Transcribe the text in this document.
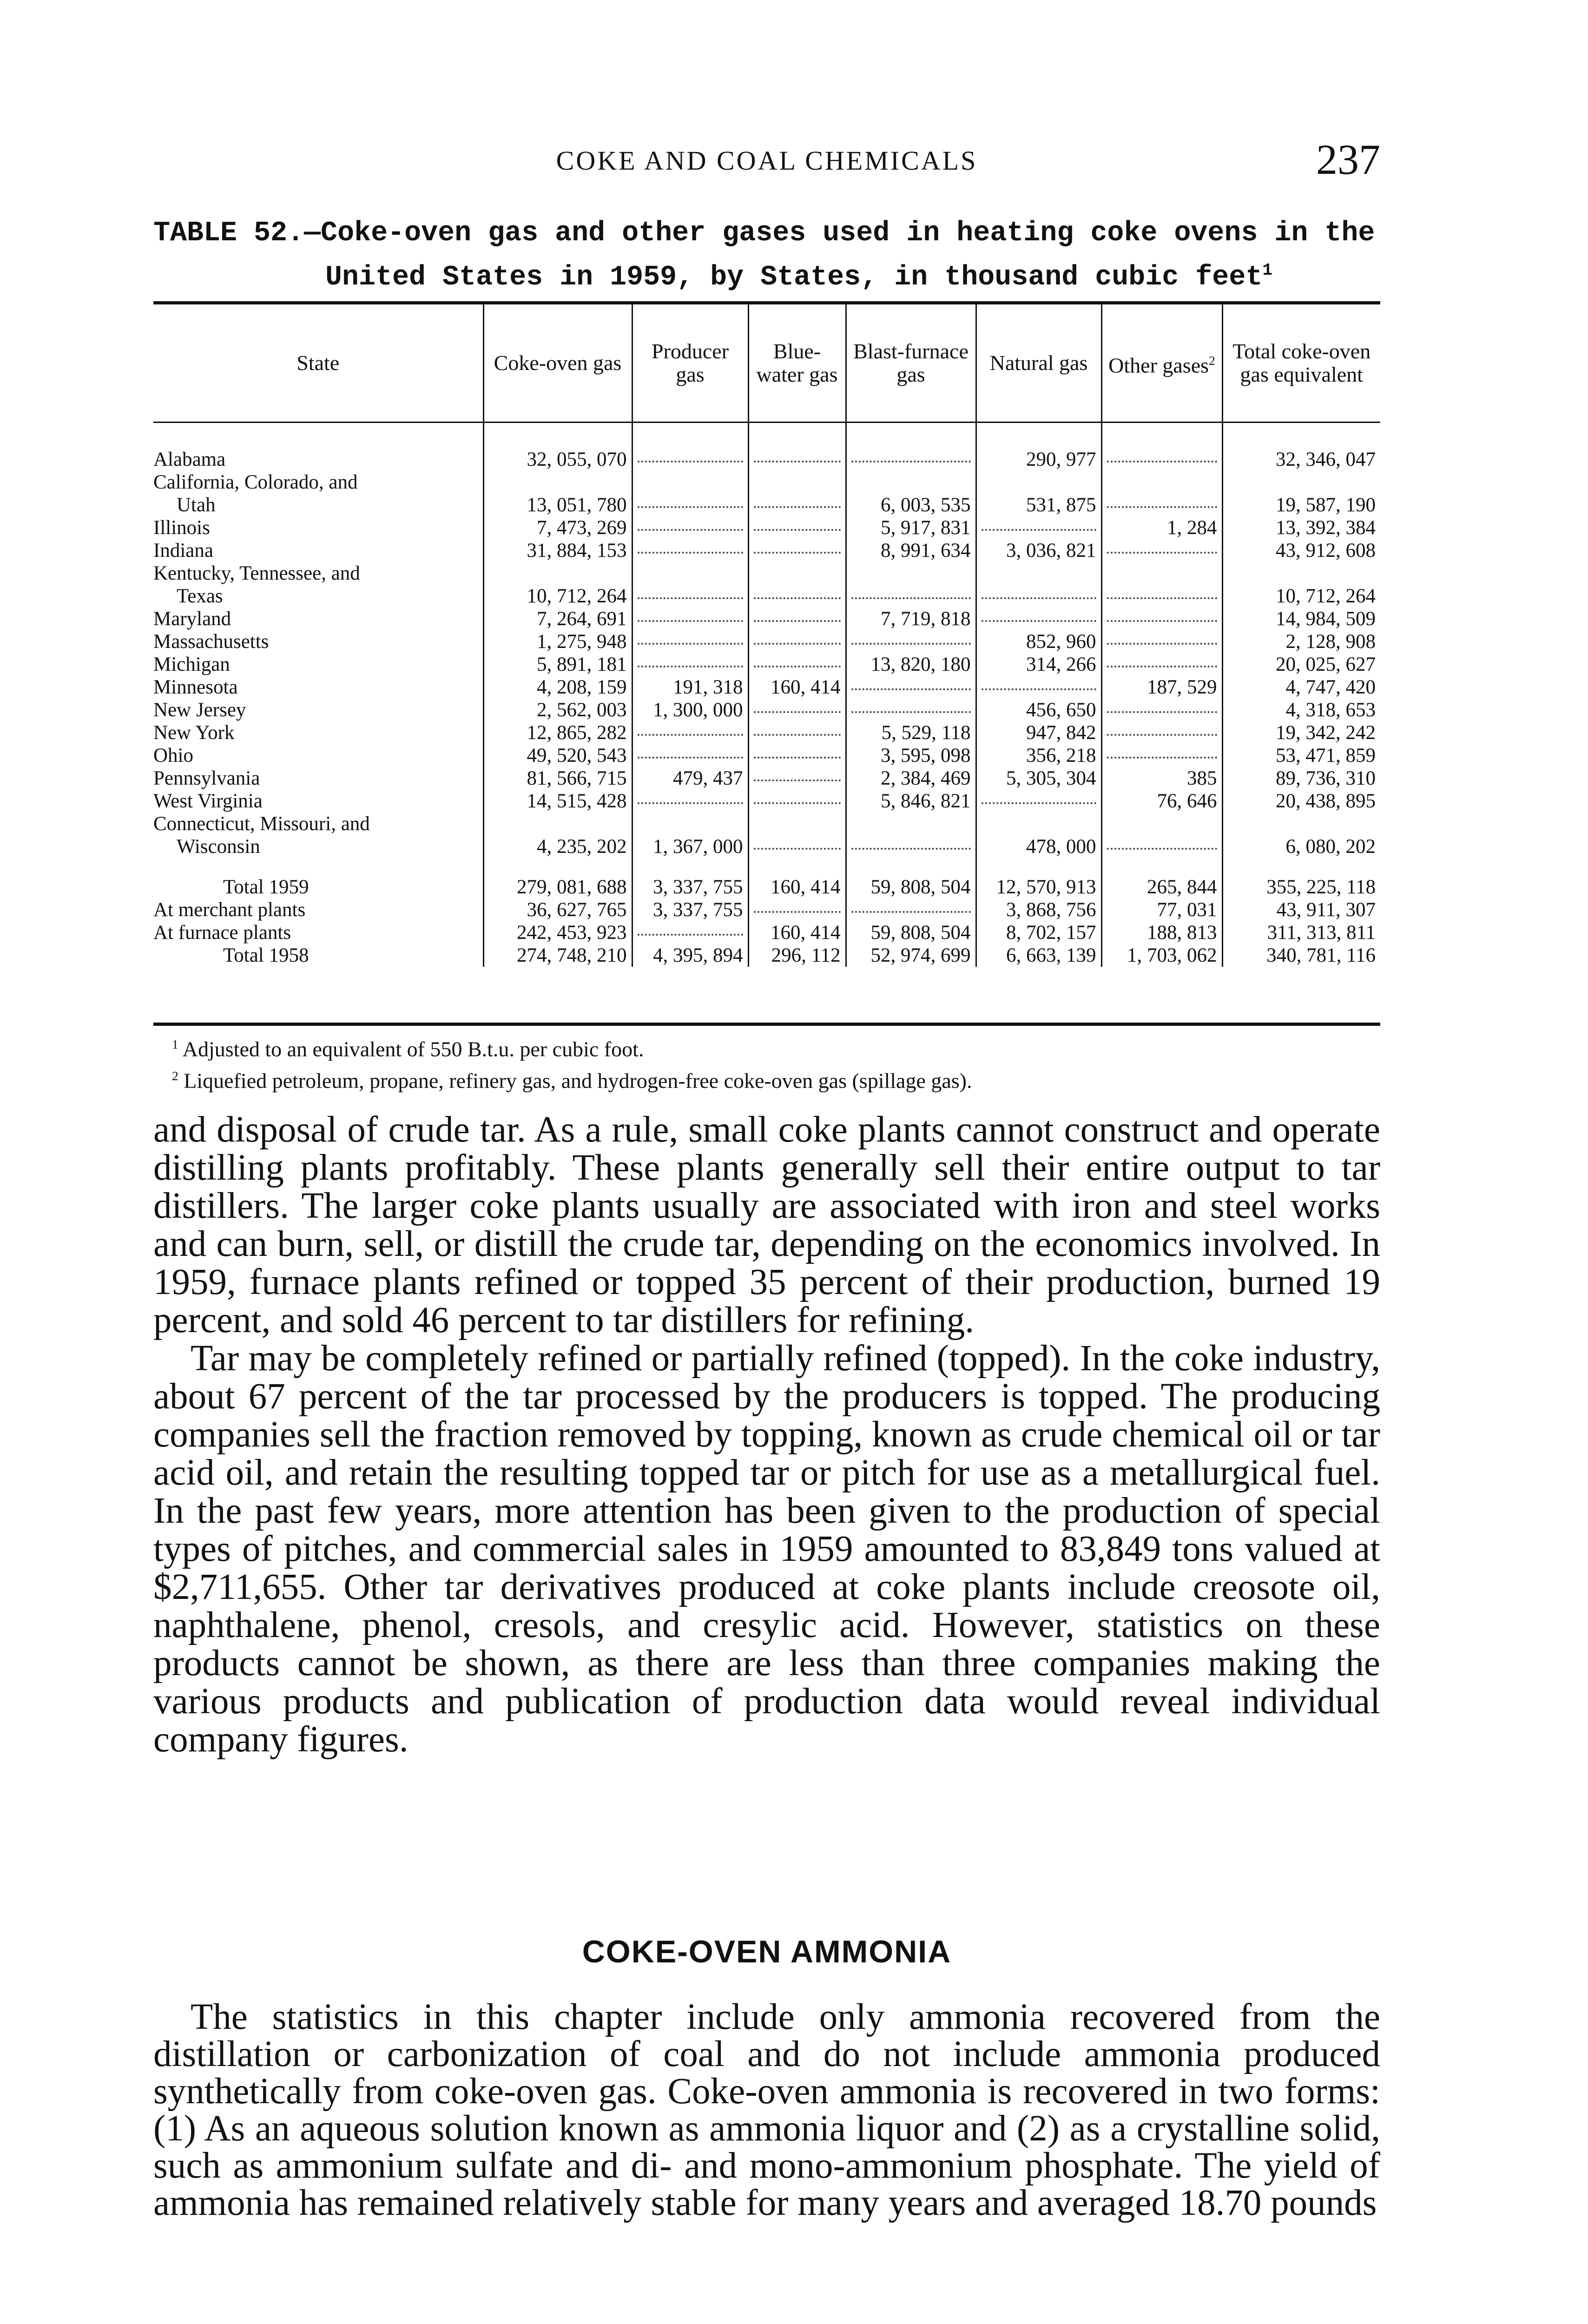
COKE AND COAL CHEMICALS	237
TABLE 52.—Coke-oven gas and other gases used in heating coke ovens in the
United States in 1959, by States, in thousand cubic feet$^1$
State	Coke-oven gas	Producer gas	Blue-water gas	Blast-furnace gas	Natural gas	Other gases$^2$	Total coke-oven gas equivalent

Alabama	32, 055, 070				290, 977		32, 346, 047
California, Colorado, and							
Utah	13, 051, 780			6, 003, 535	531, 875		19, 587, 190
Illinois	7, 473, 269			5, 917, 831		1, 284	13, 392, 384
Indiana	31, 884, 153			8, 991, 634	3, 036, 821		43, 912, 608
Kentucky, Tennessee, and							
Texas	10, 712, 264						10, 712, 264
Maryland	7, 264, 691			7, 719, 818			14, 984, 509
Massachusetts	1, 275, 948				852, 960		2, 128, 908
Michigan	5, 891, 181			13, 820, 180	314, 266		20, 025, 627
Minnesota	4, 208, 159	191, 318	160, 414			187, 529	4, 747, 420
New Jersey	2, 562, 003	1, 300, 000			456, 650		4, 318, 653
New York	12, 865, 282			5, 529, 118	947, 842		19, 342, 242
Ohio	49, 520, 543			3, 595, 098	356, 218		53, 471, 859
Pennsylvania	81, 566, 715	479, 437		2, 384, 469	5, 305, 304	385	89, 736, 310
West Virginia	14, 515, 428			5, 846, 821		76, 646	20, 438, 895
Connecticut, Missouri, and							
Wisconsin	4, 235, 202	1, 367, 000			478, 000		6, 080, 202
Total 1959	279, 081, 688	3, 337, 755	160, 414	59, 808, 504	12, 570, 913	265, 844	355, 225, 118
At merchant plants	36, 627, 765	3, 337, 755			3, 868, 756	77, 031	43, 911, 307
At furnace plants	242, 453, 923		160, 414	59, 808, 504	8, 702, 157	188, 813	311, 313, 811
Total 1958	274, 748, 210	4, 395, 894	296, 112	52, 974, 699	6, 663, 139	1, 703, 062	340, 781, 116
$^1$ Adjusted to an equivalent of 550 B.t.u. per cubic foot.
$^2$ Liquefied petroleum, propane, refinery gas, and hydrogen-free coke-oven gas (spillage gas).

and disposal of crude tar. As a rule, small coke plants cannot construct and operate distilling plants profitably. These plants generally sell their entire output to tar distillers. The larger coke plants usually are associated with iron and steel works and can burn, sell, or distill the crude tar, depending on the economics involved. In 1959, furnace plants refined or topped 35 percent of their production, burned 19 percent, and sold 46 percent to tar distillers for refining.

Tar may be completely refined or partially refined (topped). In the coke industry, about 67 percent of the tar processed by the producers is topped. The producing companies sell the fraction removed by topping, known as crude chemical oil or tar acid oil, and retain the resulting topped tar or pitch for use as a metallurgical fuel. In the past few years, more attention has been given to the production of special types of pitches, and commercial sales in 1959 amounted to 83,849 tons valued at $2,711,655. Other tar derivatives produced at coke plants include creosote oil, naphthalene, phenol, cresols, and cresylic acid. However, statistics on these products cannot be shown, as there are less than three companies making the various products and publication of production data would reveal individual company figures.

COKE-OVEN AMMONIA

The statistics in this chapter include only ammonia recovered from the distillation or carbonization of coal and do not include ammonia produced synthetically from coke-oven gas. Coke-oven ammonia is recovered in two forms: (1) As an aqueous solution known as ammonia liquor and (2) as a crystalline solid, such as ammonium sulfate and di- and mono-ammonium phosphate. The yield of ammonia has remained relatively stable for many years and averaged 18.70 pounds
